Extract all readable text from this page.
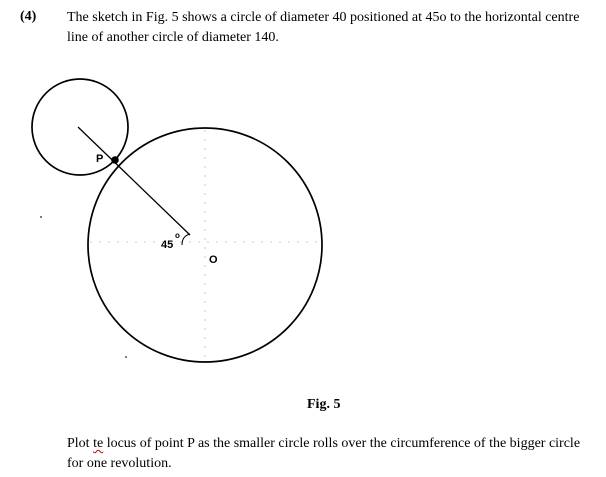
(4) The sketch in Fig. 5 shows a circle of diameter 40 positioned at 45o to the horizontal centre line of another circle of diameter 140.
P
45
o
O
Fig. 5
Plot te locus of point P as the smaller circle rolls over the circumference of the bigger circle for one revolution.
